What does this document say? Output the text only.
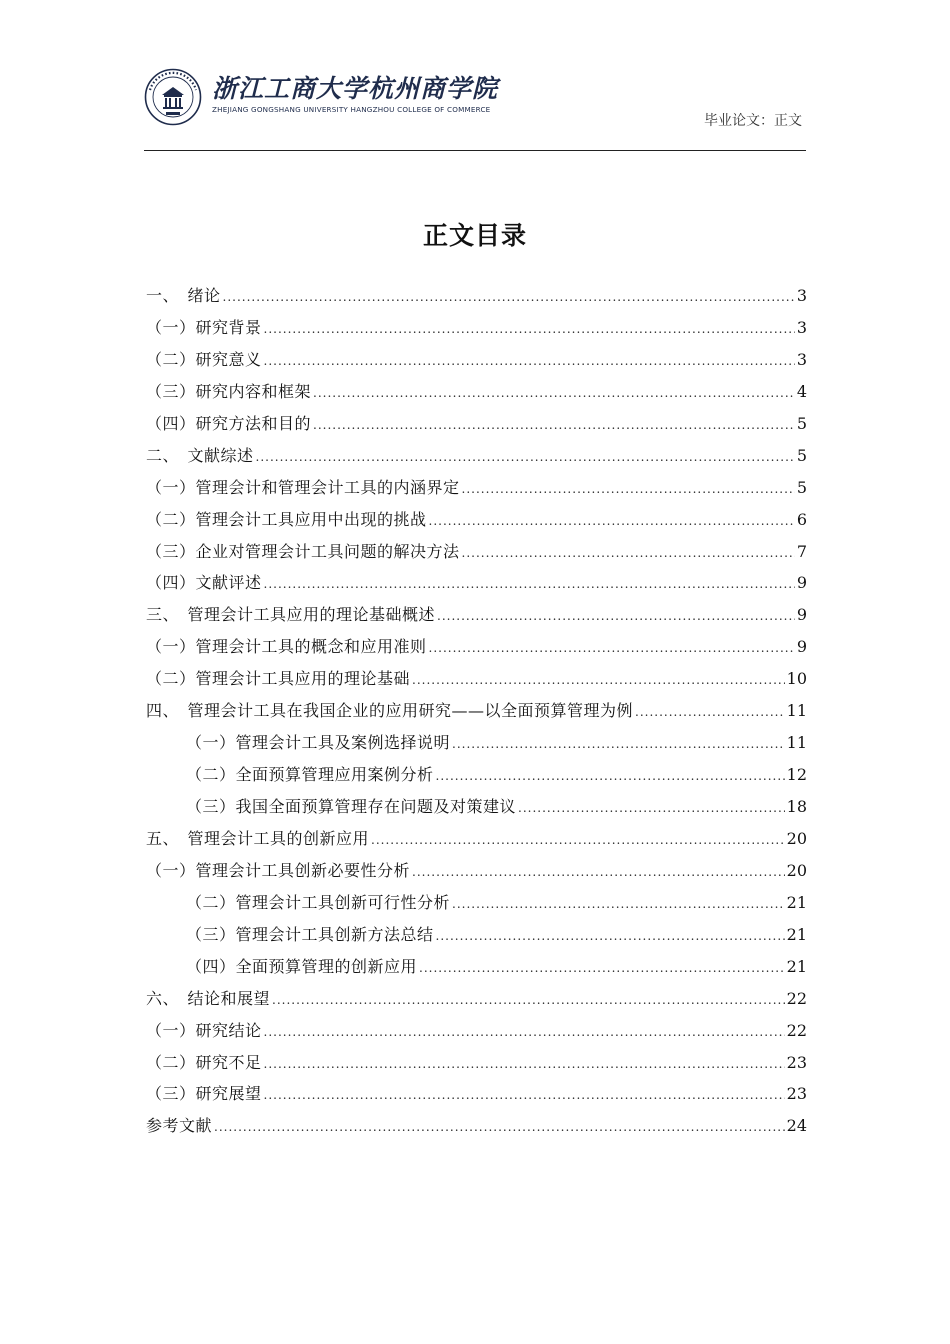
浙江工商大学杭州商学院
ZHEJIANG GONGSHANG UNIVERSITY HANGZHOU COLLEGE OF COMMERCE
毕业论文：正文
正文目录
一、　绪论 .....	3
（一）研究背景 .....	3
（二）研究意义 .....	3
（三）研究内容和框架 .....	4
（四）研究方法和目的 .....	5
二、　文献综述 .....	5
（一）管理会计和管理会计工具的内涵界定 .....	5
（二）管理会计工具应用中出现的挑战 .....	6
（三）企业对管理会计工具问题的解决方法 .....	7
（四）文献评述 .....	9
三、　管理会计工具应用的理论基础概述 .....	9
（一）管理会计工具的概念和应用准则 .....	9
（二）管理会计工具应用的理论基础 .....	10
四、　管理会计工具在我国企业的应用研究——以全面预算管理为例 .....	11
（一）管理会计工具及案例选择说明 .....	11
（二）全面预算管理应用案例分析 .....	12
（三）我国全面预算管理存在问题及对策建议 .....	18
五、　管理会计工具的创新应用 .....	20
（一）管理会计工具创新必要性分析 .....	20
（二）管理会计工具创新可行性分析 .....	21
（三）管理会计工具创新方法总结 .....	21
（四）全面预算管理的创新应用 .....	21
六、　结论和展望 .....	22
（一）研究结论 .....	22
（二）研究不足 .....	23
（三）研究展望 .....	23
参考文献 .....	24
